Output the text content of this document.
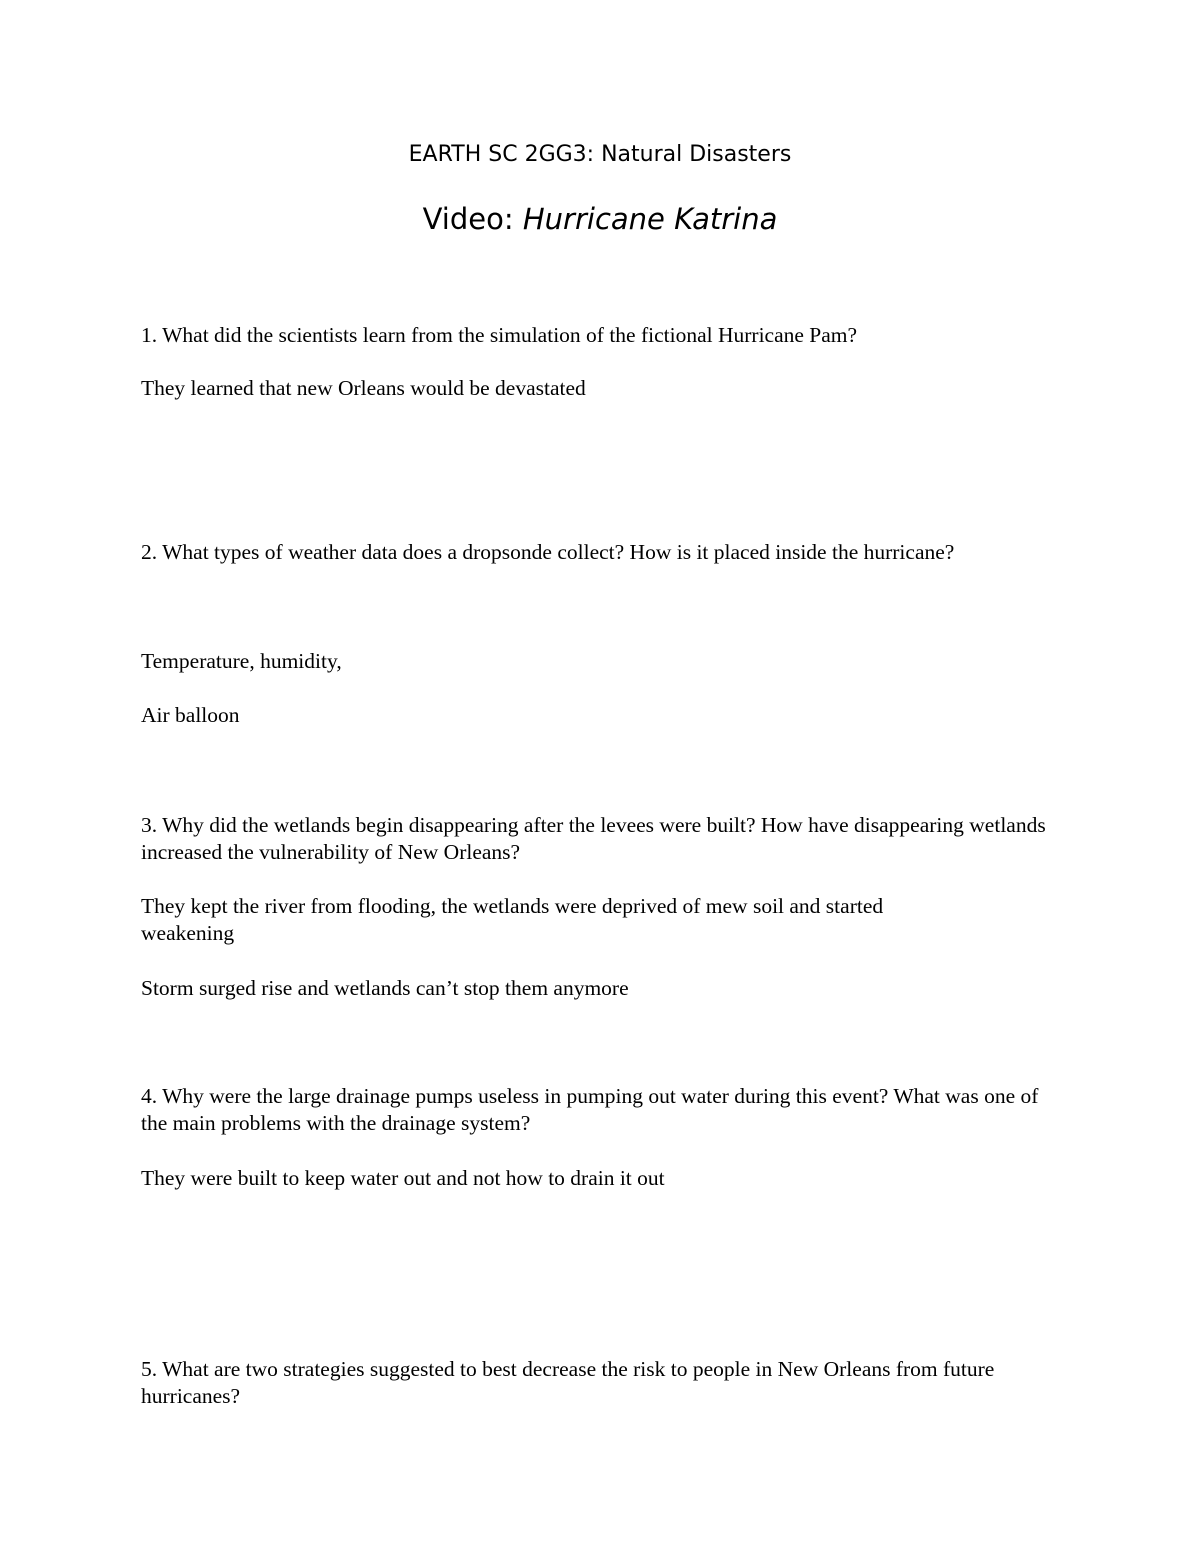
EARTH SC 2GG3: Natural Disasters

Video: Hurricane Katrina

1. What did the scientists learn from the simulation of the fictional Hurricane Pam?

They learned that new Orleans would be devastated

2. What types of weather data does a dropsonde collect? How is it placed inside the hurricane?

Temperature, humidity,

Air balloon

3. Why did the wetlands begin disappearing after the levees were built? How have disappearing wetlands increased the vulnerability of New Orleans?

They kept the river from flooding, the wetlands were deprived of mew soil and started weakening

Storm surged rise and wetlands can’t stop them anymore

4. Why were the large drainage pumps useless in pumping out water during this event? What was one of the main problems with the drainage system?

They were built to keep water out and not how to drain it out

5. What are two strategies suggested to best decrease the risk to people in New Orleans from future hurricanes?
